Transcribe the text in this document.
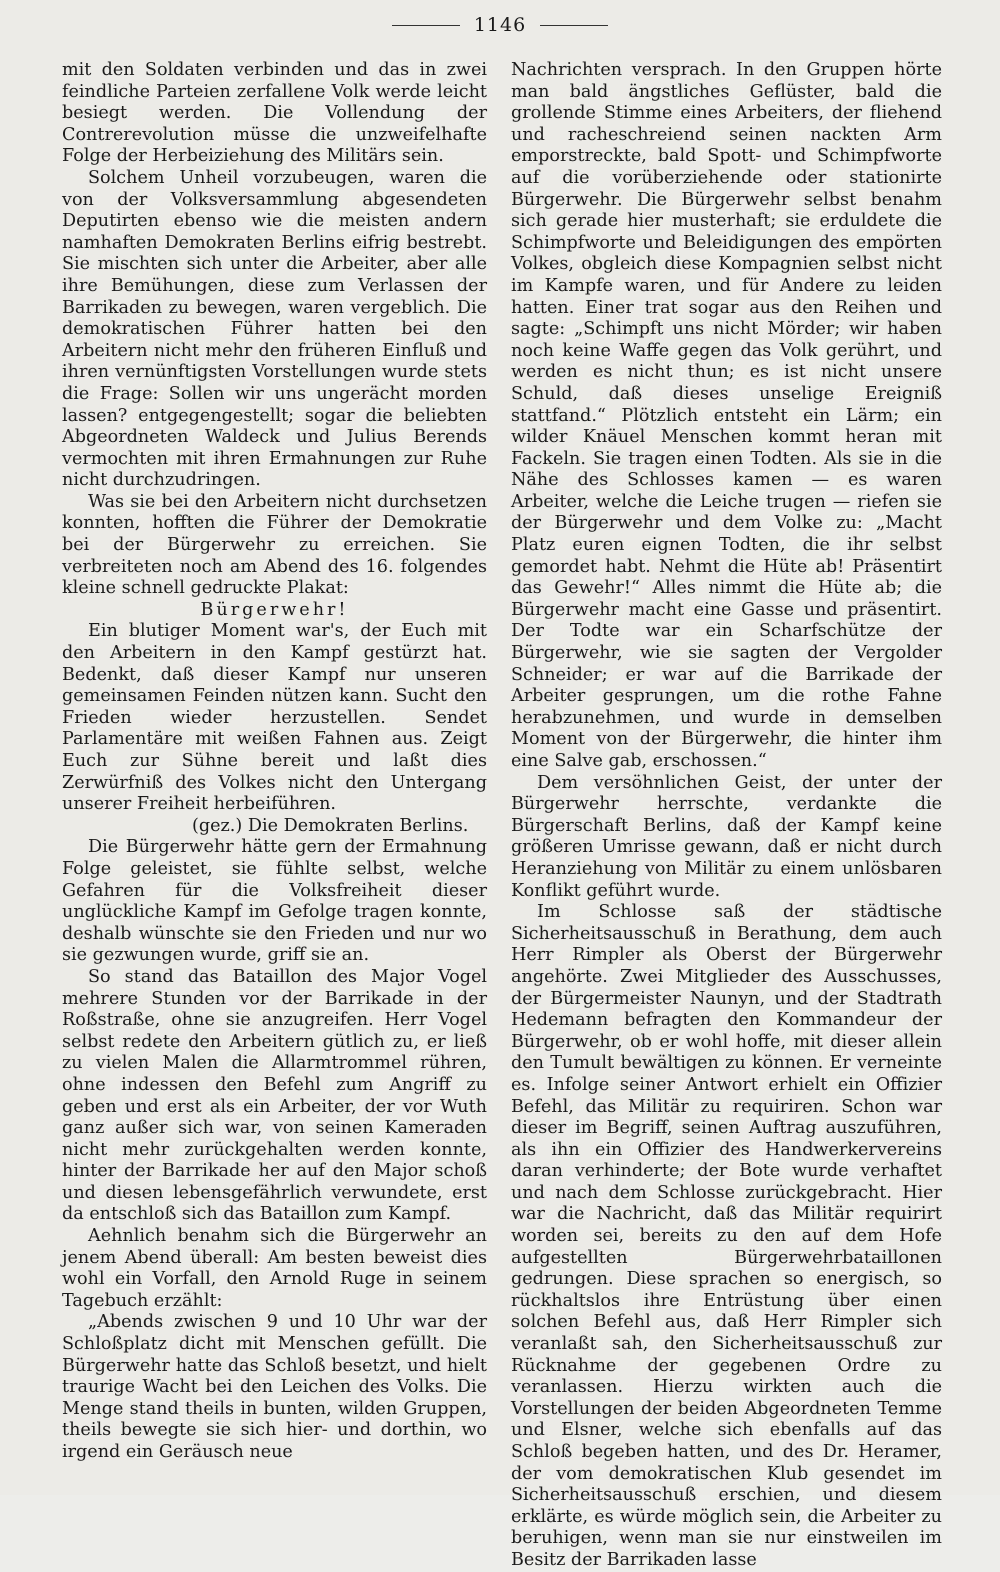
1146

mit den Soldaten verbinden und das in zwei feindliche Parteien zerfallene Volk werde leicht besiegt werden. Die Vollendung der Contrerevolution müsse die unzweifelhafte Folge der Herbeiziehung des Militärs sein.

Solchem Unheil vorzubeugen, waren die von der Volksversammlung abgesendeten Deputirten ebenso wie die meisten andern namhaften Demokraten Berlins eifrig bestrebt. Sie mischten sich unter die Arbeiter, aber alle ihre Bemühungen, diese zum Verlassen der Barrikaden zu bewegen, waren vergeblich. Die demokratischen Führer hatten bei den Arbeitern nicht mehr den früheren Einfluß und ihren vernünftigsten Vorstellungen wurde stets die Frage: Sollen wir uns ungerächt morden lassen? entgegengestellt; sogar die beliebten Abgeordneten Waldeck und Julius Berends vermochten mit ihren Ermahnungen zur Ruhe nicht durchzudringen.

Was sie bei den Arbeitern nicht durchsetzen konnten, hofften die Führer der Demokratie bei der Bürgerwehr zu erreichen. Sie verbreiteten noch am Abend des 16. folgendes kleine schnell gedruckte Plakat:

Bürgerwehr!

Ein blutiger Moment war's, der Euch mit den Arbeitern in den Kampf gestürzt hat. Bedenkt, daß dieser Kampf nur unseren gemeinsamen Feinden nützen kann. Sucht den Frieden wieder herzustellen. Sendet Parlamentäre mit weißen Fahnen aus. Zeigt Euch zur Sühne bereit und laßt dies Zerwürfniß des Volkes nicht den Untergang unserer Freiheit herbeiführen.

(gez.) Die Demokraten Berlins.

Die Bürgerwehr hätte gern der Ermahnung Folge geleistet, sie fühlte selbst, welche Gefahren für die Volksfreiheit dieser unglückliche Kampf im Gefolge tragen konnte, deshalb wünschte sie den Frieden und nur wo sie gezwungen wurde, griff sie an.

So stand das Bataillon des Major Vogel mehrere Stunden vor der Barrikade in der Roßstraße, ohne sie anzugreifen. Herr Vogel selbst redete den Arbeitern gütlich zu, er ließ zu vielen Malen die Allarmtrommel rühren, ohne indessen den Befehl zum Angriff zu geben und erst als ein Arbeiter, der vor Wuth ganz außer sich war, von seinen Kameraden nicht mehr zurückgehalten werden konnte, hinter der Barrikade her auf den Major schoß und diesen lebensgefährlich verwundete, erst da entschloß sich das Bataillon zum Kampf.

Aehnlich benahm sich die Bürgerwehr an jenem Abend überall: Am besten beweist dies wohl ein Vorfall, den Arnold Ruge in seinem Tagebuch erzählt:

„Abends zwischen 9 und 10 Uhr war der Schloßplatz dicht mit Menschen gefüllt. Die Bürgerwehr hatte das Schloß besetzt, und hielt traurige Wacht bei den Leichen des Volks. Die Menge stand theils in bunten, wilden Gruppen, theils bewegte sie sich hier- und dorthin, wo irgend ein Geräusch neue

Nachrichten versprach. In den Gruppen hörte man bald ängstliches Geflüster, bald die grollende Stimme eines Arbeiters, der fliehend und racheschreiend seinen nackten Arm emporstreckte, bald Spott- und Schimpfworte auf die vorüberziehende oder stationirte Bürgerwehr. Die Bürgerwehr selbst benahm sich gerade hier musterhaft; sie erduldete die Schimpfworte und Beleidigungen des empörten Volkes, obgleich diese Kompagnien selbst nicht im Kampfe waren, und für Andere zu leiden hatten. Einer trat sogar aus den Reihen und sagte: „Schimpft uns nicht Mörder; wir haben noch keine Waffe gegen das Volk gerührt, und werden es nicht thun; es ist nicht unsere Schuld, daß dieses unselige Ereigniß stattfand.“ Plötzlich entsteht ein Lärm; ein wilder Knäuel Menschen kommt heran mit Fackeln. Sie tragen einen Todten. Als sie in die Nähe des Schlosses kamen — es waren Arbeiter, welche die Leiche trugen — riefen sie der Bürgerwehr und dem Volke zu: „Macht Platz euren eignen Todten, die ihr selbst gemordet habt. Nehmt die Hüte ab! Präsentirt das Gewehr!“ Alles nimmt die Hüte ab; die Bürgerwehr macht eine Gasse und präsentirt. Der Todte war ein Scharfschütze der Bürgerwehr, wie sie sagten der Vergolder Schneider; er war auf die Barrikade der Arbeiter gesprungen, um die rothe Fahne herabzunehmen, und wurde in demselben Moment von der Bürgerwehr, die hinter ihm eine Salve gab, erschossen.“

Dem versöhnlichen Geist, der unter der Bürgerwehr herrschte, verdankte die Bürgerschaft Berlins, daß der Kampf keine größeren Umrisse gewann, daß er nicht durch Heranziehung von Militär zu einem unlösbaren Konflikt geführt wurde.

Im Schlosse saß der städtische Sicherheitsausschuß in Berathung, dem auch Herr Rimpler als Oberst der Bürgerwehr angehörte. Zwei Mitglieder des Ausschusses, der Bürgermeister Naunyn, und der Stadtrath Hedemann befragten den Kommandeur der Bürgerwehr, ob er wohl hoffe, mit dieser allein den Tumult bewältigen zu können. Er verneinte es. Infolge seiner Antwort erhielt ein Offizier Befehl, das Militär zu requiriren. Schon war dieser im Begriff, seinen Auftrag auszuführen, als ihn ein Offizier des Handwerkervereins daran verhinderte; der Bote wurde verhaftet und nach dem Schlosse zurückgebracht. Hier war die Nachricht, daß das Militär requirirt worden sei, bereits zu den auf dem Hofe aufgestellten Bürgerwehrbataillonen gedrungen. Diese sprachen so energisch, so rückhaltslos ihre Entrüstung über einen solchen Befehl aus, daß Herr Rimpler sich veranlaßt sah, den Sicherheitsausschuß zur Rücknahme der gegebenen Ordre zu veranlassen. Hierzu wirkten auch die Vorstellungen der beiden Abgeordneten Temme und Elsner, welche sich ebenfalls auf das Schloß begeben hatten, und des Dr. Heramer, der vom demokratischen Klub gesendet im Sicherheitsausschuß erschien, und diesem erklärte, es würde möglich sein, die Arbeiter zu beruhigen, wenn man sie nur einstweilen im Besitz der Barrikaden lasse
